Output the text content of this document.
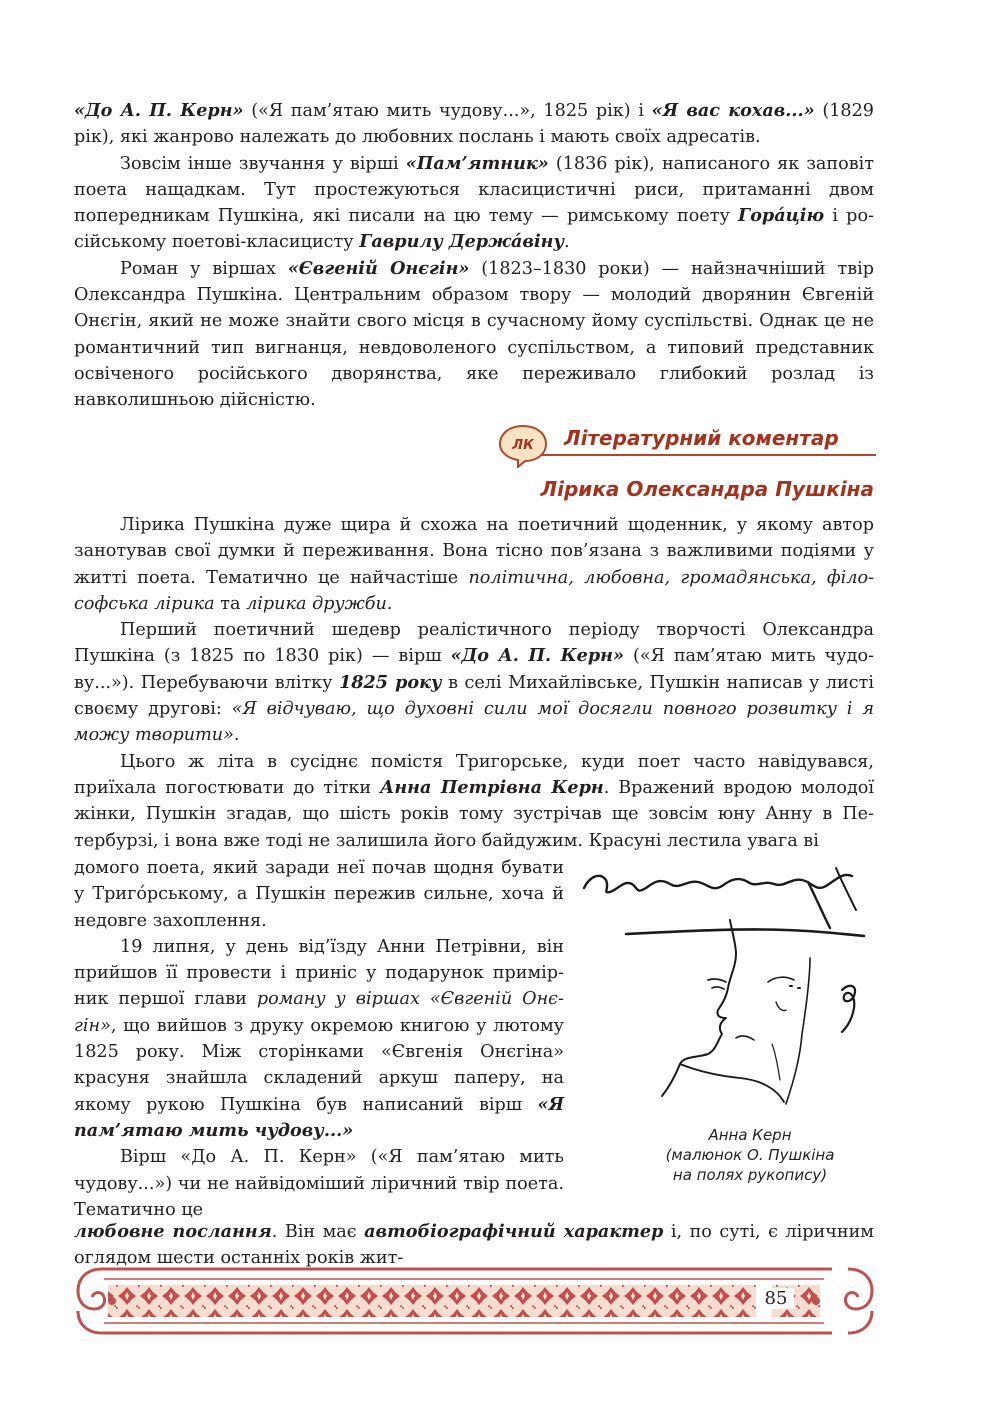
«До А. П. Керн» («Я пам’ятаю мить чудову...», 1825 рік) і «Я вас кохав...» (1829 рік), які жанрово належать до любовних послань і мають своїх адресатів.

Зовсім інше звучання у вірші «Пам’ятник» (1836 рік), написаного як заповіт поета нащадкам. Тут простежуються класицистичні риси, притаманні двом попередникам Пушкіна, які писали на цю тему — римському поету Горáцію і російському поетові-класицисту Гаврилу Держáвіну.

Роман у віршах «Євгеній Онєгін» (1823–1830 роки) — найзначніший твір Олександра Пушкіна. Центральним образом твору — молодий дворянин Євгеній Онєгін, який не може знайти свого місця в сучасному йому суспільстві. Однак це не романтичний тип вигнанця, невдоволеного суспільством, а типовий представник освіченого російського дворянства, яке переживало глибокий розлад із навколишньою дійсністю.

ЛК Літературний коментар
Лірика Олександра Пушкіна

Лірика Пушкіна дуже щира й схожа на поетичний щоденник, у якому автор занотував свої думки й переживання. Вона тісно пов’язана з важливими подіями у житті поета. Тематично це найчастіше політична, любовна, громадянська, філософська лірика та лірика дружби.

Перший поетичний шедевр реалістичного періоду творчості Олександра Пушкіна (з 1825 по 1830 рік) — вірш «До А. П. Керн» («Я пам’ятаю мить чудову...»). Перебуваючи влітку 1825 року в селі Михайлівське, Пушкін написав у листі своєму другові: «Я відчуваю, що духовні сили мої досягли повного розвитку і я можу творити».

Цього ж літа в сусіднє помістя Тригорське, куди поет часто навідувався, приїхала погостювати до тітки Анна Петрівна Керн. Вражений вродою молодої жінки, Пушкін згадав, що шість років тому зустрічав ще зовсім юну Анну в Петербурзі, і вона вже тоді не залишила його байдужим. Красуні лестила увага ві

домого поета, який заради неї почав щодня бувати у Тригóрському, а Пушкін пережив сильне, хоча й недовге захоплення.

19 липня, у день від’їзду Анни Петрівни, він прийшов її провести і приніс у подарунок примірник першої глави роману у віршах «Євгеній Онєгін», що вийшов з друку окремою книгою у лютому 1825 року. Між сторінками «Євгенія Онєгіна» красуня знайшла складений аркуш паперу, на якому рукою Пушкіна був написаний вірш «Я пам’ятаю мить чудову...»

Вірш «До А. П. Керн» («Я пам’ятаю мить чудову...») чи не найвідоміший ліричний твір поета. Тематично це

любовне послання. Він має автобіографічний характер і, по суті, є ліричним оглядом шести останніх років жит-
Анна Керн
(малюнок О. Пушкіна
на полях рукопису)
85
